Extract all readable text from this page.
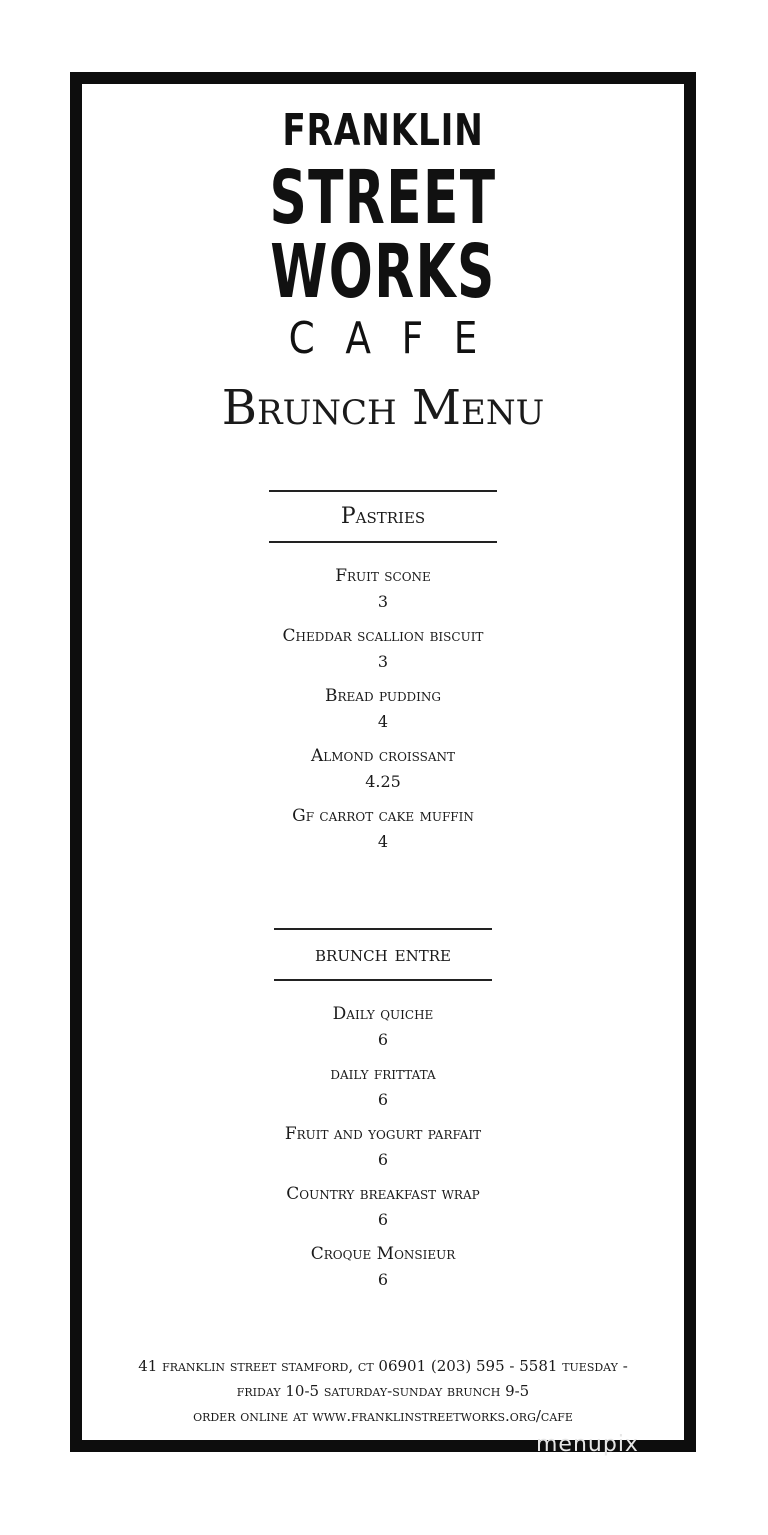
FRANKLIN
STREET
WORKS
CAFE
Brunch Menu
Pastries
Fruit scone
3
Cheddar scallion biscuit
3
Bread pudding
4
Almond croissant
4.25
Gf carrot cake muffin
4
brunch entre
Daily quiche
6
daily frittata
6
Fruit and yogurt parfait
6
Country breakfast wrap
6
Croque Monsieur
6
41 franklin street stamford, ct 06901 (203) 595 - 5581 tuesday -
friday 10-5 saturday-sunday brunch 9-5
order online at www.franklinstreetworks.org/cafe
menupix
